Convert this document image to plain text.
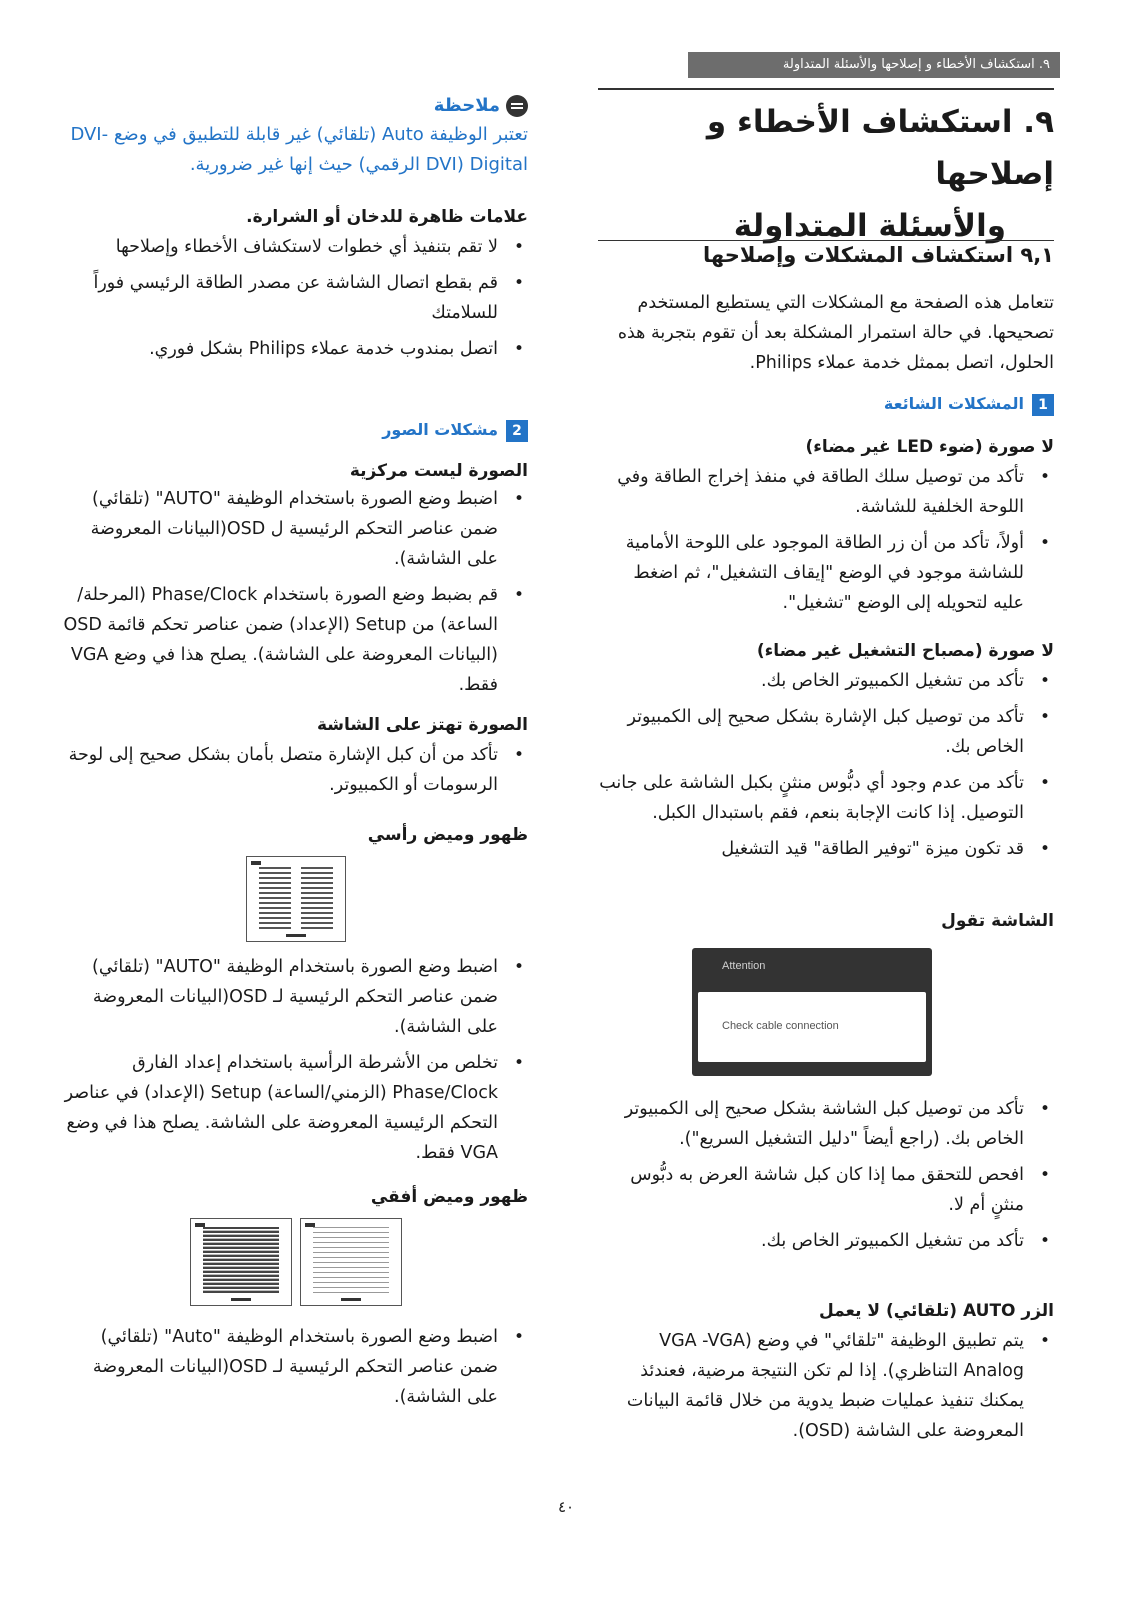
٩. استكشاف الأخطاء و إصلاحها والأسئلة المتداولة
٩. استكشاف الأخطاء و إصلاحها
والأسئلة المتداولة
٩,١ استكشاف المشكلات وإصلاحها

تتعامل هذه الصفحة مع المشكلات التي يستطيع المستخدم تصحيحها. في حالة استمرار المشكلة بعد أن تقوم بتجربة هذه الحلول، اتصل بممثل خدمة عملاء Philips.

1المشكلات الشائعة
لا صورة (ضوء LED غير مضاء)
• تأكد من توصيل سلك الطاقة في منفذ إخراج الطاقة وفي اللوحة الخلفية للشاشة.
• أولاً، تأكد من أن زر الطاقة الموجود على اللوحة الأمامية للشاشة موجود في الوضع "إيقاف التشغيل"، ثم اضغط عليه لتحويله إلى الوضع "تشغيل".
لا صورة (مصباح التشغيل غير مضاء)
• تأكد من تشغيل الكمبيوتر الخاص بك.
• تأكد من توصيل كبل الإشارة بشكل صحيح إلى الكمبيوتر الخاص بك.
• تأكد من عدم وجود أي دبُّوس منثنٍ بكبل الشاشة على جانب التوصيل. إذا كانت الإجابة بنعم، فقم باستبدال الكبل.
• قد تكون ميزة "توفير الطاقة" قيد التشغيل
الشاشة تقول
Attention
Check cable connection
• تأكد من توصيل كبل الشاشة بشكل صحيح إلى الكمبيوتر الخاص بك. (راجع أيضاً "دليل التشغيل السريع").
• افحص للتحقق مما إذا كان كبل شاشة العرض به دبُّوس منثنٍ أم لا.
• تأكد من تشغيل الكمبيوتر الخاص بك.
الزر AUTO (تلقائي) لا يعمل
• يتم تطبيق الوظيفة "تلقائي" في وضع VGA -VGA) Analog التناظري). إذا لم تكن النتيجة مرضية، فعندئذ يمكنك تنفيذ عمليات ضبط يدوية من خلال قائمة البيانات المعروضة على الشاشة (OSD).
ملاحظة

تعتبر الوظيفة Auto (تلقائي) غير قابلة للتطبيق في وضع DVI-Digital (DVI الرقمي) حيث إنها غير ضرورية.

علامات ظاهرة للدخان أو الشرارة.
• لا تقم بتنفيذ أي خطوات لاستكشاف الأخطاء وإصلاحها
• قم بقطع اتصال الشاشة عن مصدر الطاقة الرئيسي فوراً للسلامتك
• اتصل بمندوب خدمة عملاء Philips بشكل فوري.
2مشكلات الصور
الصورة ليست مركزية
• اضبط وضع الصورة باستخدام الوظيفة "AUTO" (تلقائي) ضمن عناصر التحكم الرئيسية ل OSD(البيانات المعروضة على الشاشة).
• قم بضبط وضع الصورة باستخدام Phase/Clock (المرحلة/الساعة) من Setup (الإعداد) ضمن عناصر تحكم قائمة OSD (البيانات المعروضة على الشاشة). يصلح هذا في وضع VGA فقط.
الصورة تهتز على الشاشة
• تأكد من أن كبل الإشارة متصل بأمان بشكل صحيح إلى لوحة الرسومات أو الكمبيوتر.
ظهور وميض رأسي
• اضبط وضع الصورة باستخدام الوظيفة "AUTO" (تلقائي) ضمن عناصر التحكم الرئيسية لـ OSD(البيانات المعروضة على الشاشة).
• تخلص من الأشرطة الرأسية باستخدام إعداد الفارق Phase/Clock (الزمني/الساعة) Setup (الإعداد) في عناصر التحكم الرئيسية المعروضة على الشاشة. يصلح هذا في وضع VGA فقط.
ظهور وميض أفقي
• اضبط وضع الصورة باستخدام الوظيفة "Auto" (تلقائي) ضمن عناصر التحكم الرئيسية لـ OSD(البيانات المعروضة على الشاشة).
٤٠
